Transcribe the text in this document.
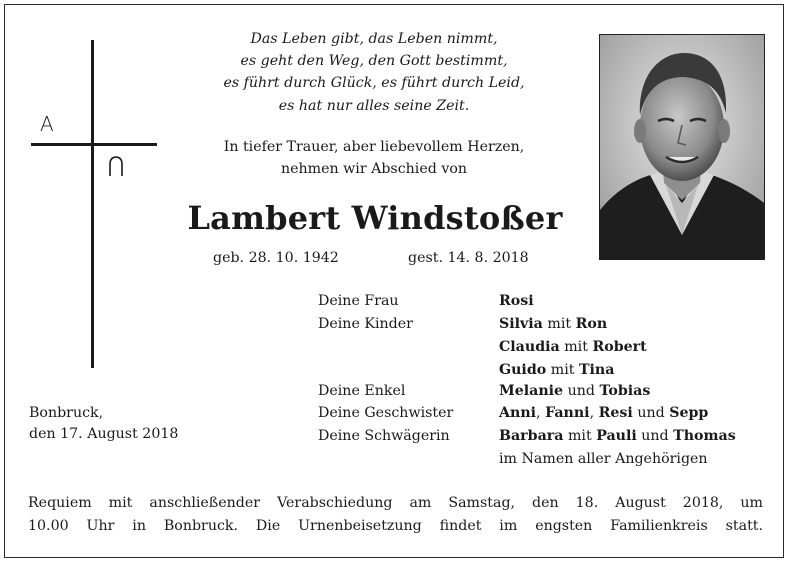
A
Das Leben gibt, das Leben nimmt,
es geht den Weg, den Gott bestimmt,
es führt durch Glück, es führt durch Leid,
es hat nur alles seine Zeit.
In tiefer Trauer, aber liebevollem Herzen,
nehmen wir Abschied von
Lambert Windstoßer
geb. 28. 10. 1942	gest. 14. 8. 2018
Deine Frau	Rosi
Deine Kinder	Silvia mit Ron
Claudia mit Robert
Guido mit Tina
Deine Enkel	Melanie und Tobias
Deine Geschwister	Anni, Fanni, Resi und Sepp
Deine Schwägerin	Barbara mit Pauli und Thomas
im Namen aller Angehörigen
Bonbruck,
den 17. August 2018
Requiem mit anschließender Verabschiedung am Samstag, den 18. August 2018, um
10.00 Uhr in Bonbruck. Die Urnenbeisetzung findet im engsten Familienkreis statt.
